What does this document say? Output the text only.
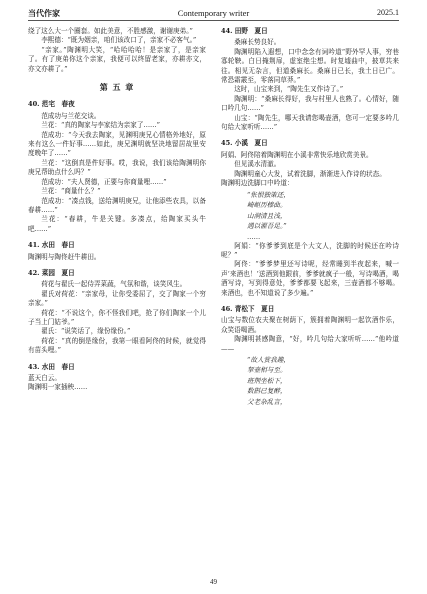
当代作家	Contemporary writer	2025.1

绕了这么大一个圈套。如此美意，不胜感激，谢谢庚弟。”

李熙德：“既为姻亲，咱们该改口了，亲家不必客气。”

“亲家。”陶渊明大笑，“哈哈哈哈！是亲家了，是亲家了。有了庚弟你这个亲家，我便可以终留老家，亦耕亦文，亦文亦耕了。”

第 五 章
40. 范宅　春夜

范成功与兰花交谈。

兰花：“真的陶家与李家结为亲家了……”

范成功：“今天我去陶家，见渊明庚兄心情格外地好，原来有这么一件好事……如此，庚兄渊明就坚决地留居故里安度晚年了……”

兰花：“这倒真是件好事。哎，我说，我们该给陶渊明你庚兄帮助点什么吗？”

范成功：“夫人贤德，正要与你商量哩……”

兰花：“商量什么？”

范成功：“凑点钱，送给渊明庚兄，让他添些农具，以备春耕……”

兰花：“春耕，牛是关键。多凑点，给陶家买头牛吧……”

41. 水田　春日

陶渊明与陶佟赶牛耕田。

42. 菜园　夏日

荷花与翟氏一起侍弄菜蔬，气氛和谐，谈笑风生。

翟氏对荷花：“亲家母，让你受委屈了，交了陶家一个穷亲家。”

荷花：“不说这个，你不怪我们吧，抢了你们陶家一个儿子当上门姑爷。”

翟氏：“说笑话了，缘份缘份。”

荷花：“真的倒是缘份，我第一眼看阿佟的时候，就觉得有苗头哩。”

43. 水田　春日

蓝天白云。

陶渊明一家插秧……

44. 田野　夏日

桑麻长势良好。

陶渊明陷入遐想，口中念念有词吟道“野外罕人事，穷巷寡轮鞅。白日掩荆扉，虚室绝尘想。时复墟曲中，披草共来往。相见无杂言，但道桑麻长。桑麻日已长，我土日已广。常恐霜霰至，零落同草莽。”

这时，山宝来到，“陶先生又作诗了。”

陶渊明：“桑麻长得好，我与村里人也熟了。心情好，随口吟几句……”

山宝：“陶先生，哪天我请您喝壶酒，您可一定要多吟几句给大家听听……”

45. 小溪　夏日

阿娟、阿佟陪着陶渊明在小溪非常快乐地欣赏美景。

但见溪水清澈。

陶渊明童心大发，试着洗脚，渐渐进入作诗的状态。

陶渊明边洗脚口中吟道：

“怅恨独策还，
崎岖历榛曲。
山涧清且浅，
遇以濯吾足。”
……

阿娟：“你爹爹到底是个大文人，洗脚的时候还在吟诗呢？”

阿佟：“爹爹梦里还写诗呢，经常睡到半夜起来，喊一声‘来酒也！’送酒到他跟前，爹爹就疯子一般，写诗喝酒，喝酒写诗，写到得意处，爹爹都要飞起来，三壶酒都不够喝。来酒也，也不知道说了多少遍。”

46. 青松下　夏日

山宝与数位农夫聚在树荫下，簇拥着陶渊明一起饮酒作乐，众笑语喝酒。

陶渊明甚感陶意，“好，吟几句给大家听听……”他吟道——

“故人赏我趣，
挈壶相与至。
班荆坐松下，
数斟已复醉，
父老杂乱言，
49
